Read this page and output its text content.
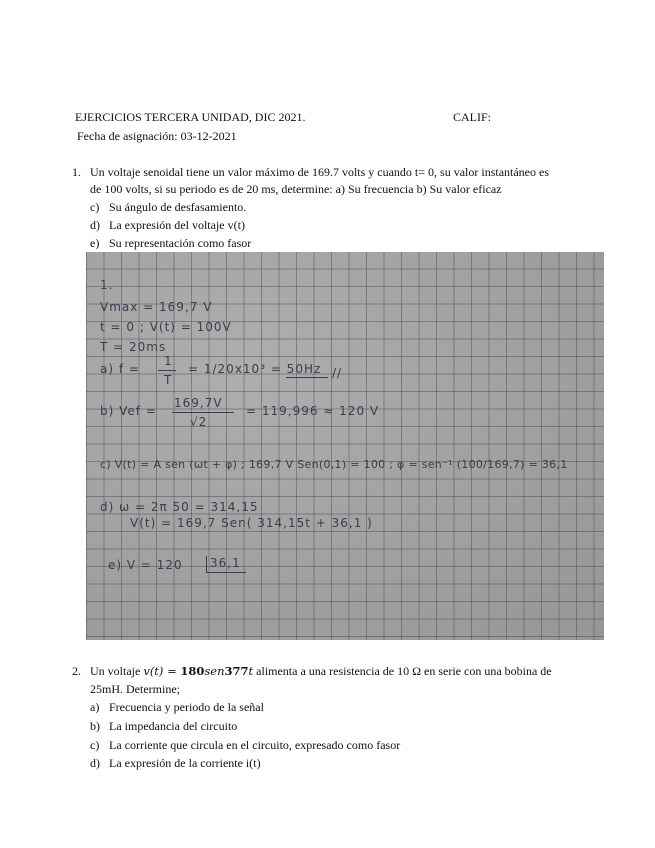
EJERCICIOS TERCERA UNIDAD, DIC 2021.	CALIF:
Fecha de asignación: 03-12-2021
1. Un voltaje senoidal tiene un valor máximo de 169.7 volts y cuando t= 0, su valor instantáneo es
de 100 volts, si su periodo es de 20 ms, determine: a) Su frecuencia b) Su valor eficaz
c) Su ángulo de desfasamiento.
d) La expresión del voltaje v(t)
e) Su representación como fasor
1.
Vmax = 169,7 V
t = 0 ; V(t) = 100V
T = 20ms
a) f =
1
T
= 1/20x10³ = 50Hz //
b) Vef =
169,7V
√2
= 119,996 ≈ 120 V
c) V(t) = A sen (ωt + φ) ; 169,7 V Sen(0,1) = 100 ; φ = sen⁻¹ (100/169,7) = 36,1
d) ω = 2π 50 = 314,15
V(t) = 169,7 Sen( 314,15t + 36,1 )
e) V = 120 36,1
2. Un voltaje v(t) = 180sen377t alimenta a una resistencia de 10 Ω en serie con una bobina de
25mH. Determine;
a) Frecuencia y periodo de la señal
b) La impedancia del circuito
c) La corriente que circula en el circuito, expresado como fasor
d) La expresión de la corriente i(t)
